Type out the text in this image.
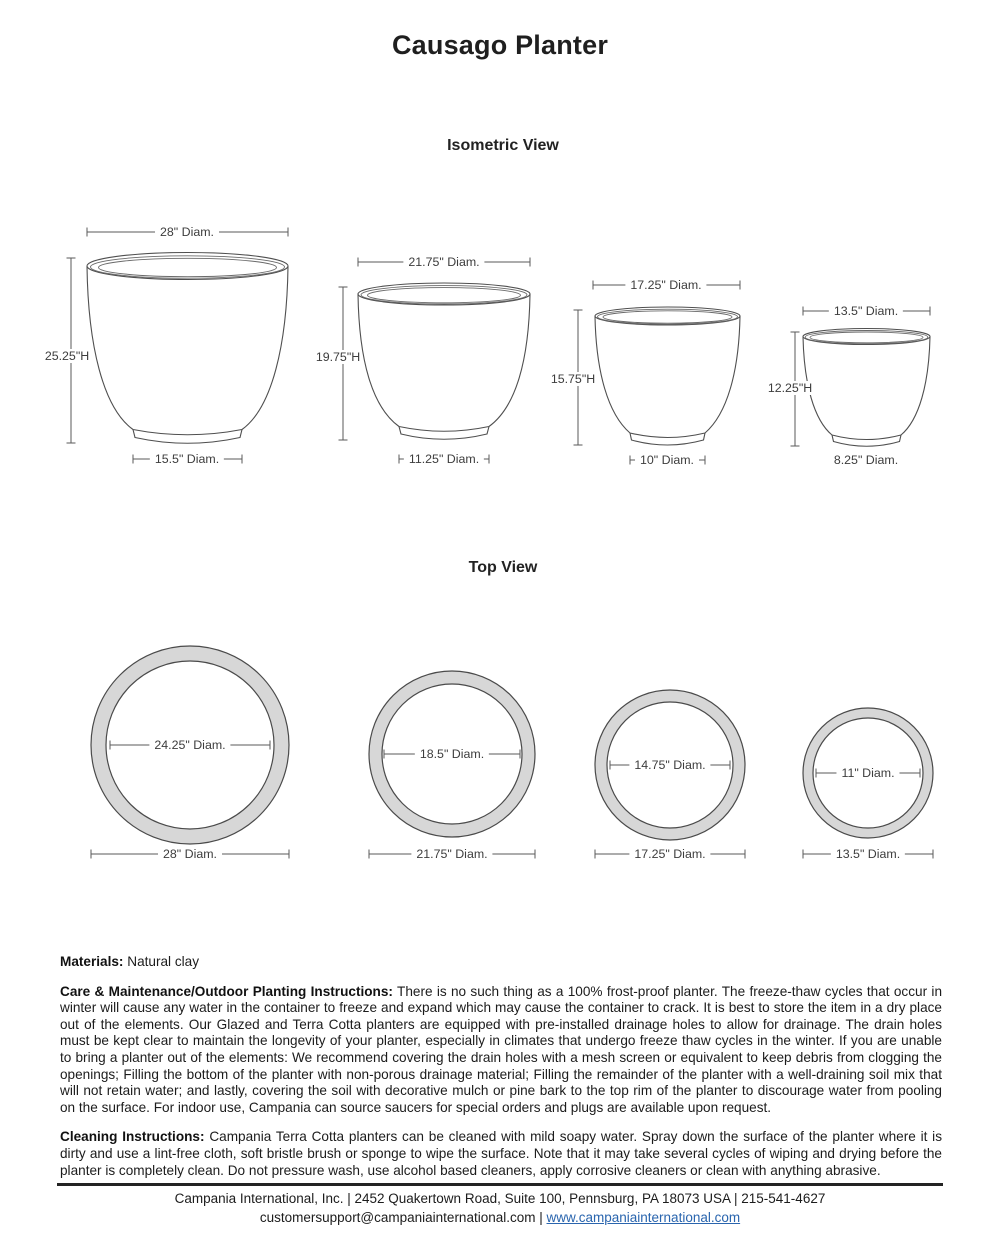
Causago Planter
Isometric View
Top View
28" Diam.
25.25"H
15.5" Diam.
21.75" Diam.
19.75"H
11.25" Diam.
17.25" Diam.
15.75"H
10" Diam.
13.5" Diam.
12.25"H
8.25" Diam.
24.25" Diam.
28" Diam.
18.5" Diam.
21.75" Diam.
14.75" Diam.
17.25" Diam.
11" Diam.
13.5" Diam.

Materials: Natural clay

Care & Maintenance/Outdoor Planting Instructions: There is no such thing as a 100% frost-proof planter. The freeze-thaw cycles that occur in winter will cause any water in the container to freeze and expand which may cause the container to crack. It is best to store the item in a dry place out of the elements. Our Glazed and Terra Cotta planters are equipped with pre-installed drainage holes to allow for drainage. The drain holes must be kept clear to maintain the longevity of your planter, especially in climates that undergo freeze thaw cycles in the winter. If you are unable to bring a planter out of the elements: We recommend covering the drain holes with a mesh screen or equivalent to keep debris from clogging the openings; Filling the bottom of the planter with non-porous drainage material; Filling the remainder of the planter with a well-draining soil mix that will not retain water; and lastly, covering the soil with decorative mulch or pine bark to the top rim of the planter to discourage water from pooling on the surface. For indoor use, Campania can source saucers for special orders and plugs are available upon request.

Cleaning Instructions: Campania Terra Cotta planters can be cleaned with mild soapy water. Spray down the surface of the planter where it is dirty and use a lint-free cloth, soft bristle brush or sponge to wipe the surface. Note that it may take several cycles of wiping and drying before the planter is completely clean. Do not pressure wash, use alcohol based cleaners, apply corrosive cleaners or clean with anything abrasive.

Campania International, Inc. | 2452 Quakertown Road, Suite 100, Pennsburg, PA 18073 USA | 215-541-4627
customersupport@campaniainternational.com | www.campaniainternational.com
